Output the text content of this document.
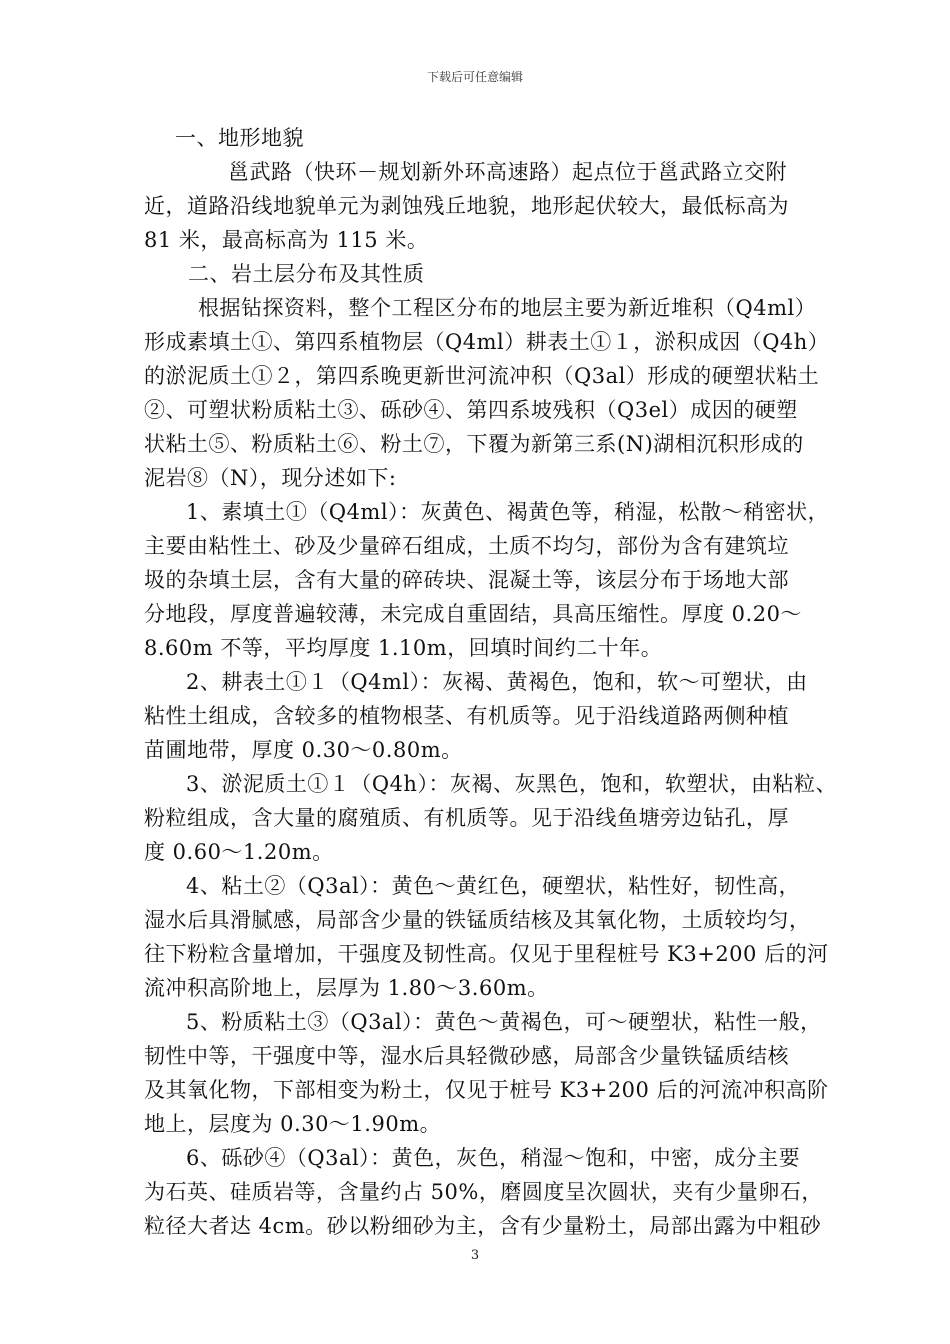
下载后可任意编辑
一、地形地貌
邕武路（快环－规划新外环高速路）起点位于邕武路立交附
近，道路沿线地貌单元为剥蚀残丘地貌，地形起伏较大，最低标高为
81 米，最高标高为 115 米。
二、岩土层分布及其性质
根据钻探资料，整个工程区分布的地层主要为新近堆积（Q4ml）
形成素填土①、第四系植物层（Q4ml）耕表土①１，淤积成因（Q4h）
的淤泥质土①２，第四系晚更新世河流冲积（Q3al）形成的硬塑状粘土
②、可塑状粉质粘土③、砾砂④、第四系坡残积（Q3el）成因的硬塑
状粘土⑤、粉质粘土⑥、粉土⑦，下覆为新第三系(N)湖相沉积形成的
泥岩⑧（N），现分述如下:
1、素填土①（Q4ml）：灰黄色、褐黄色等，稍湿，松散～稍密状，
主要由粘性土、砂及少量碎石组成，土质不均匀，部份为含有建筑垃
圾的杂填土层，含有大量的碎砖块、混凝土等，该层分布于场地大部
分地段，厚度普遍较薄，未完成自重固结，具高压缩性。厚度 0.20～
8.60m 不等，平均厚度 1.10m，回填时间约二十年。
2、耕表土①１（Q4ml）：灰褐、黄褐色，饱和，软～可塑状，由
粘性土组成，含较多的植物根茎、有机质等。见于沿线道路两侧种植
苗圃地带，厚度 0.30～0.80m。
3、淤泥质土①１（Q4h）：灰褐、灰黑色，饱和，软塑状，由粘粒、
粉粒组成，含大量的腐殖质、有机质等。见于沿线鱼塘旁边钻孔，厚
度 0.60～1.20m。
4、粘土②（Q3al）：黄色～黄红色，硬塑状，粘性好，韧性高，
湿水后具滑腻感，局部含少量的铁锰质结核及其氧化物，土质较均匀，
往下粉粒含量增加，干强度及韧性高。仅见于里程桩号 K3+200 后的河
流冲积高阶地上，层厚为 1.80～3.60m。
5、粉质粘土③（Q3al）：黄色～黄褐色，可～硬塑状，粘性一般，
韧性中等，干强度中等，湿水后具轻微砂感，局部含少量铁锰质结核
及其氧化物，下部相变为粉土，仅见于桩号 K3+200 后的河流冲积高阶
地上，层度为 0.30～1.90m。
6、砾砂④（Q3al）：黄色，灰色，稍湿～饱和，中密，成分主要
为石英、硅质岩等，含量约占 50%，磨圆度呈次圆状，夹有少量卵石，
粒径大者达 4cm。砂以粉细砂为主，含有少量粉土，局部出露为中粗砂
3
